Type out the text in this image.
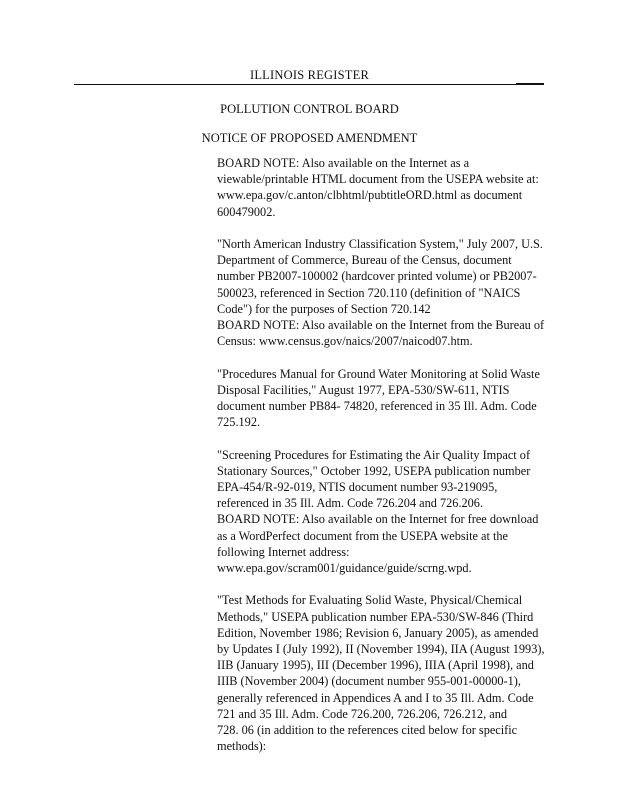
ILLINOIS REGISTER
POLLUTION CONTROL BOARD
NOTICE OF PROPOSED AMENDMENT

BOARD NOTE: Also available on the Internet as a
viewable/printable HTML document from the USEPA website at:
www.epa.gov/c.anton/clbhtml/pubtitleORD.html as document
600479002.

"North American Industry Classification System," July 2007, U.S.
Department of Commerce, Bureau of the Census, document
number PB2007-100002 (hardcover printed volume) or PB2007-
500023, referenced in Section 720.110 (definition of "NAICS
Code") for the purposes of Section 720.142
BOARD NOTE: Also available on the Internet from the Bureau of
Census: www.census.gov/naics/2007/naicod07.htm.

"Procedures Manual for Ground Water Monitoring at Solid Waste
Disposal Facilities," August 1977, EPA-530/SW-611, NTIS
document number PB84- 74820, referenced in 35 Ill. Adm. Code
725.192.

"Screening Procedures for Estimating the Air Quality Impact of
Stationary Sources," October 1992, USEPA publication number
EPA-454/R-92-019, NTIS document number 93-219095,
referenced in 35 Ill. Adm. Code 726.204 and 726.206.
BOARD NOTE: Also available on the Internet for free download
as a WordPerfect document from the USEPA website at the
following Internet address:
www.epa.gov/scram001/guidance/guide/scrng.wpd.

"Test Methods for Evaluating Solid Waste, Physical/Chemical
Methods," USEPA publication number EPA-530/SW-846 (Third
Edition, November 1986; Revision 6, January 2005), as amended
by Updates I (July 1992), II (November 1994), IIA (August 1993),
IIB (January 1995), III (December 1996), IIIA (April 1998), and
IIIB (November 2004) (document number 955-001-00000-1),
generally referenced in Appendices A and I to 35 Ill. Adm. Code
721 and 35 Ill. Adm. Code 726.200, 726.206, 726.212, and
728. 06 (in addition to the references cited below for specific
methods):
